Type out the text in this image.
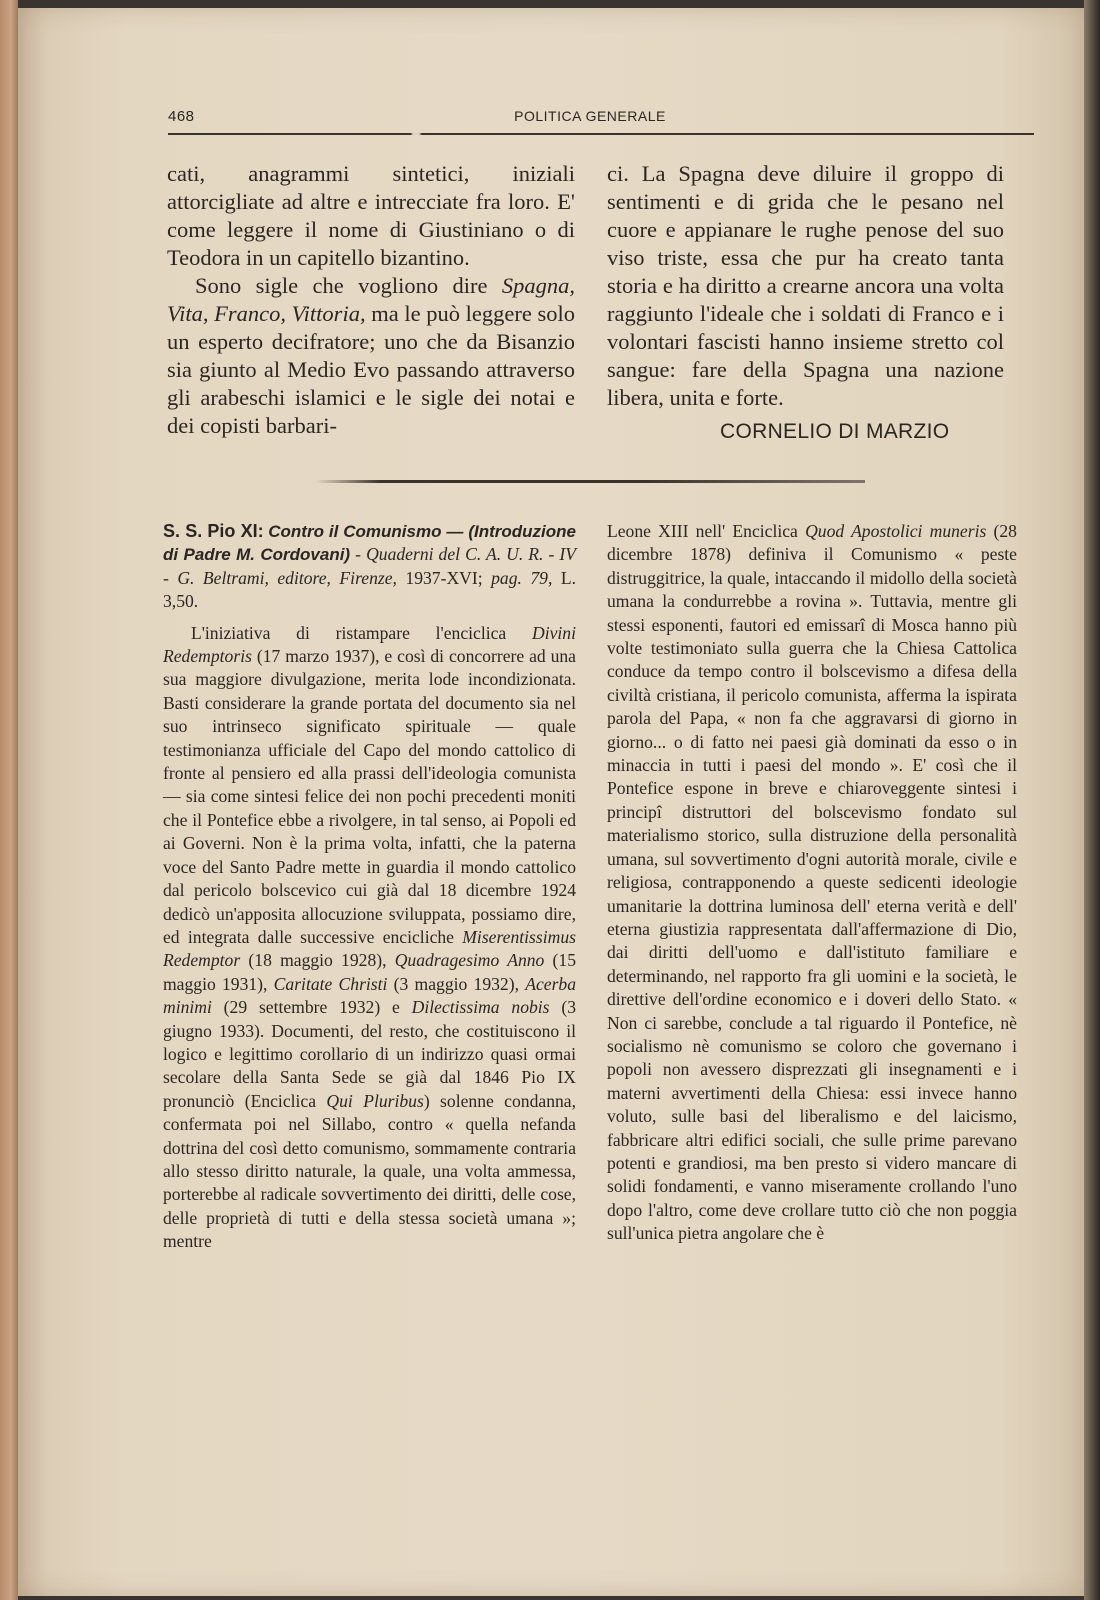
468	POLITICA GENERALE

cati, anagrammi sintetici, iniziali attorcigliate ad altre e intrecciate fra loro. E' come leggere il nome di Giustiniano o di Teodora in un capitello bizantino.

Sono sigle che vogliono dire Spagna, Vita, Franco, Vittoria, ma le può leggere solo un esperto decifratore; uno che da Bisanzio sia giunto al Medio Evo passando attraverso gli arabeschi islamici e le sigle dei notai e dei copisti barbari-

ci. La Spagna deve diluire il groppo di sentimenti e di grida che le pesano nel cuore e appianare le rughe penose del suo viso triste, essa che pur ha creato tanta storia e ha diritto a crearne ancora una volta raggiunto l'ideale che i soldati di Franco e i volontari fascisti hanno insieme stretto col sangue: fare della Spagna una nazione libera, unita e forte.

CORNELIO DI MARZIO

S. S. Pio XI: Contro il Comunismo — (Introduzione di Padre M. Cordovani) - Quaderni del C. A. U. R. - IV - G. Beltrami, editore, Firenze, 1937-XVI; pag. 79, L. 3,50.

L'iniziativa di ristampare l'enciclica Divini Redemptoris (17 marzo 1937), e così di concorrere ad una sua maggiore divulgazione, merita lode incondizionata. Basti considerare la grande portata del documento sia nel suo intrinseco significato spirituale — quale testimonianza ufficiale del Capo del mondo cattolico di fronte al pensiero ed alla prassi dell'ideologia comunista — sia come sintesi felice dei non pochi precedenti moniti che il Pontefice ebbe a rivolgere, in tal senso, ai Popoli ed ai Governi. Non è la prima volta, infatti, che la paterna voce del Santo Padre mette in guardia il mondo cattolico dal pericolo bolscevico cui già dal 18 dicembre 1924 dedicò un'apposita allocuzione sviluppata, possiamo dire, ed integrata dalle successive encicliche Miserentissimus Redemptor (18 maggio 1928), Quadragesimo Anno (15 maggio 1931), Caritate Christi (3 maggio 1932), Acerba minimi (29 settembre 1932) e Dilectissima nobis (3 giugno 1933). Documenti, del resto, che costituiscono il logico e legittimo corollario di un indirizzo quasi ormai secolare della Santa Sede se già dal 1846 Pio IX pronunciò (Enciclica Qui Pluribus) solenne condanna, confermata poi nel Sillabo, contro « quella nefanda dottrina del così detto comunismo, sommamente contraria allo stesso diritto naturale, la quale, una volta ammessa, porterebbe al radicale sovvertimento dei diritti, delle cose, delle proprietà di tutti e della stessa società umana »; mentre

Leone XIII nell' Enciclica Quod Apostolici muneris (28 dicembre 1878) definiva il Comunismo « peste distruggitrice, la quale, intaccando il midollo della società umana la condurrebbe a rovina ». Tuttavia, mentre gli stessi esponenti, fautori ed emissarî di Mosca hanno più volte testimoniato sulla guerra che la Chiesa Cattolica conduce da tempo contro il bolscevismo a difesa della civiltà cristiana, il pericolo comunista, afferma la ispirata parola del Papa, « non fa che aggravarsi di giorno in giorno... o di fatto nei paesi già dominati da esso o in minaccia in tutti i paesi del mondo ». E' così che il Pontefice espone in breve e chiaroveggente sintesi i principî distruttori del bolscevismo fondato sul materialismo storico, sulla distruzione della personalità umana, sul sovvertimento d'ogni autorità morale, civile e religiosa, contrapponendo a queste sedicenti ideologie umanitarie la dottrina luminosa dell' eterna verità e dell' eterna giustizia rappresentata dall'affermazione di Dio, dai diritti dell'uomo e dall'istituto familiare e determinando, nel rapporto fra gli uomini e la società, le direttive dell'ordine economico e i doveri dello Stato. « Non ci sarebbe, conclude a tal riguardo il Pontefice, nè socialismo nè comunismo se coloro che governano i popoli non avessero disprezzati gli insegnamenti e i materni avvertimenti della Chiesa: essi invece hanno voluto, sulle basi del liberalismo e del laicismo, fabbricare altri edifici sociali, che sulle prime parevano potenti e grandiosi, ma ben presto si videro mancare di solidi fondamenti, e vanno miseramente crollando l'uno dopo l'altro, come deve crollare tutto ciò che non poggia sull'unica pietra angolare che è
